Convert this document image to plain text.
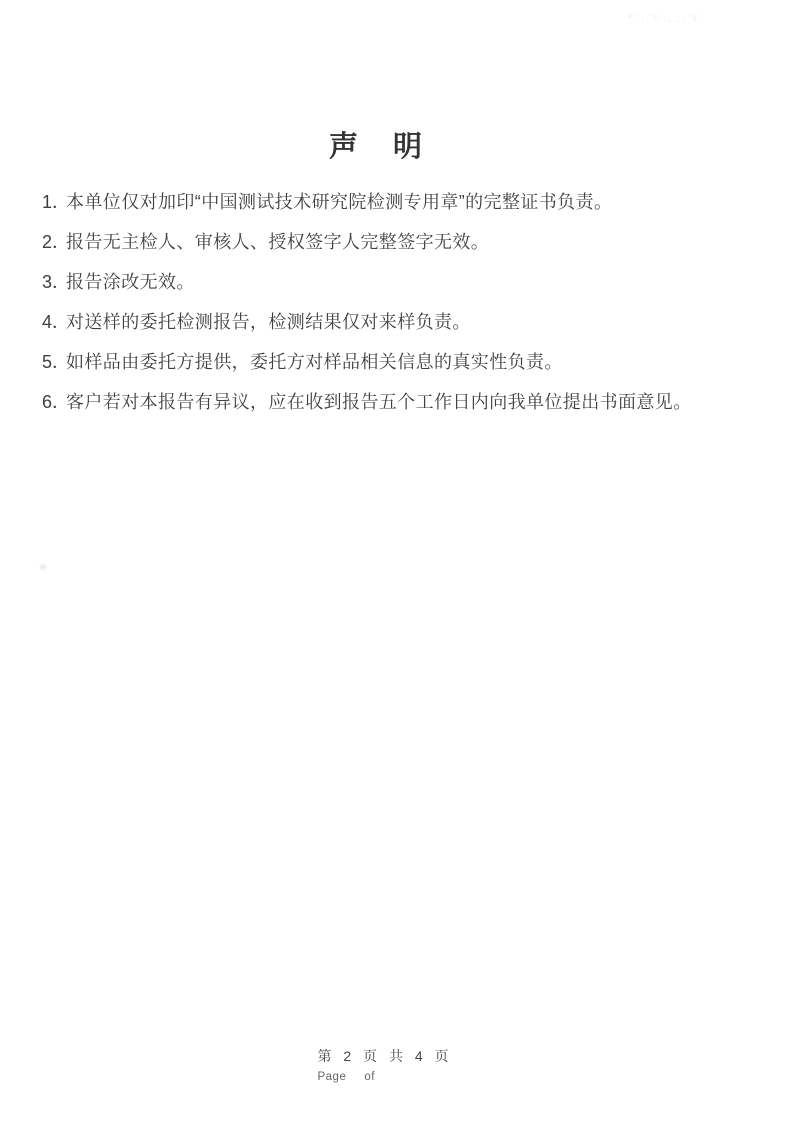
*' .:'!::, ;: '/
声　明
1．
本单位仅对加印“中国测试技术研究院检测专用章”的完整证书负责。
2．
报告无主检人、审核人、授权签字人完整签字无效。
3．
报告涂改无效。
4．
对送样的委托检测报告，检测结果仅对来样负责。
5．
如样品由委托方提供，委托方对样品相关信息的真实性负责。
6．
客户若对本报告有异议，应在收到报告五个工作日内向我单位提出书面意见。
第 2 页 共 4 页
Page of
